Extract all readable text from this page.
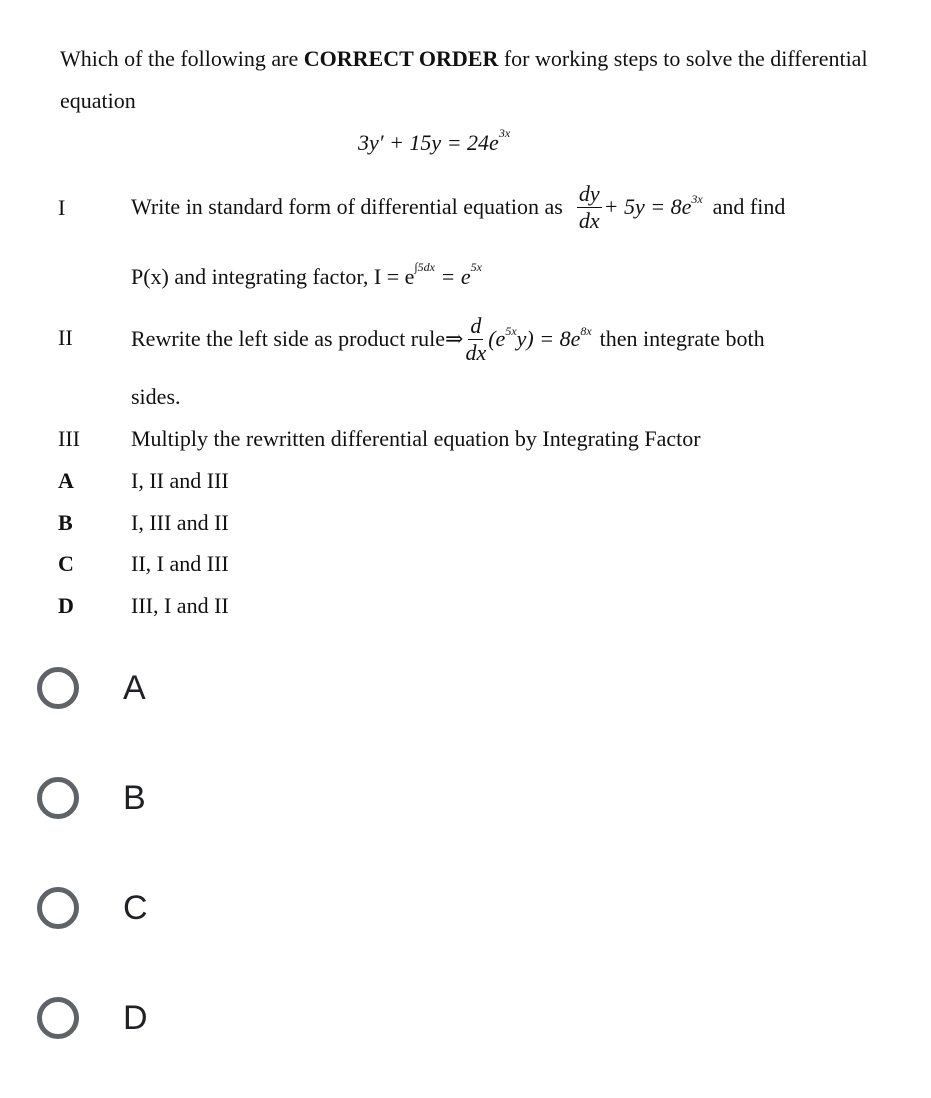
Which of the following are CORRECT ORDER for working steps to solve the differential equation
$3y' + 15y = 24e^{3x}$
I	Write in standard form of differential equation as $\frac{dy}{dx} + 5y = 8e^{3x}$ and find
P(x) and integrating factor, $I = e^{\int 5dx} = e^{5x}$
II	Rewrite the left side as product rule⇒ $\frac{d}{dx} (e^{5x}$ $y) = 8e^{8x}$ then integrate both
sides.
III Multiply the rewritten differential equation by Integrating Factor
A	I, II and III
B	I, III and II
C	II, I and III
D	III, I and II
A
B
C
D
